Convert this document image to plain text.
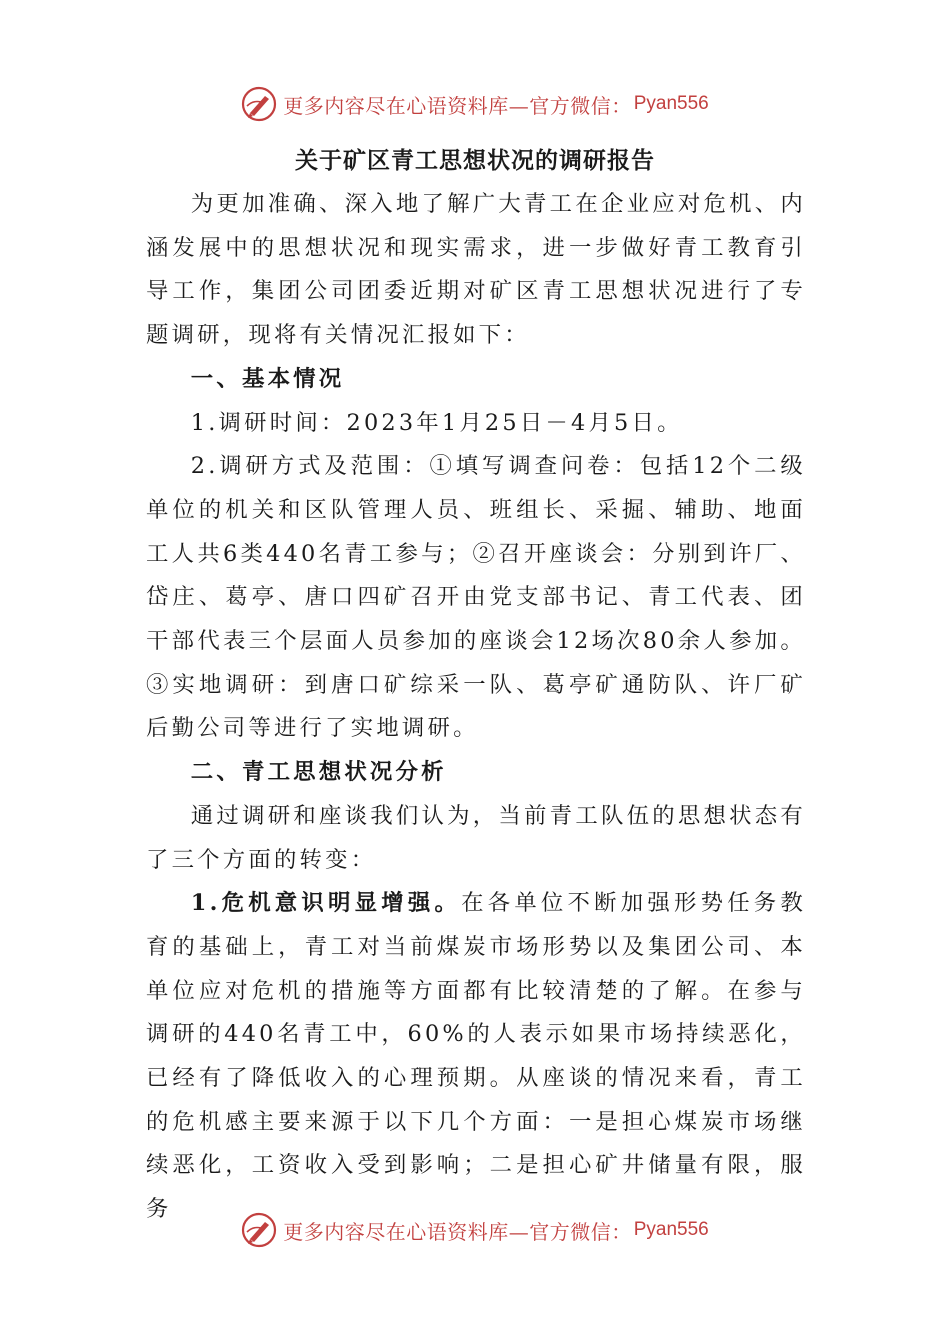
更多内容尽在心语资料库—官方微信： Pyan556
关于矿区青工思想状况的调研报告

为更加准确、深入地了解广大青工在企业应对危机、内涵发展中的思想状况和现实需求，进一步做好青工教育引导工作，集团公司团委近期对矿区青工思想状况进行了专题调研，现将有关情况汇报如下：

一、基本情况

1.调研时间：2023年1月25日－4月5日。

2.调研方式及范围：①填写调查问卷：包括12个二级单位的机关和区队管理人员、班组长、采掘、辅助、地面工人共6类440名青工参与；②召开座谈会：分别到许厂、岱庄、葛亭、唐口四矿召开由党支部书记、青工代表、团干部代表三个层面人员参加的座谈会12场次80余人参加。③实地调研：到唐口矿综采一队、葛亭矿通防队、许厂矿后勤公司等进行了实地调研。

二、青工思想状况分析

通过调研和座谈我们认为，当前青工队伍的思想状态有了三个方面的转变：

1.危机意识明显增强。在各单位不断加强形势任务教育的基础上，青工对当前煤炭市场形势以及集团公司、本单位应对危机的措施等方面都有比较清楚的了解。在参与调研的440名青工中，60%的人表示如果市场持续恶化，已经有了降低收入的心理预期。从座谈的情况来看，青工的危机感主要来源于以下几个方面：一是担心煤炭市场继续恶化，工资收入受到影响；二是担心矿井储量有限，服务

更多内容尽在心语资料库—官方微信： Pyan556
